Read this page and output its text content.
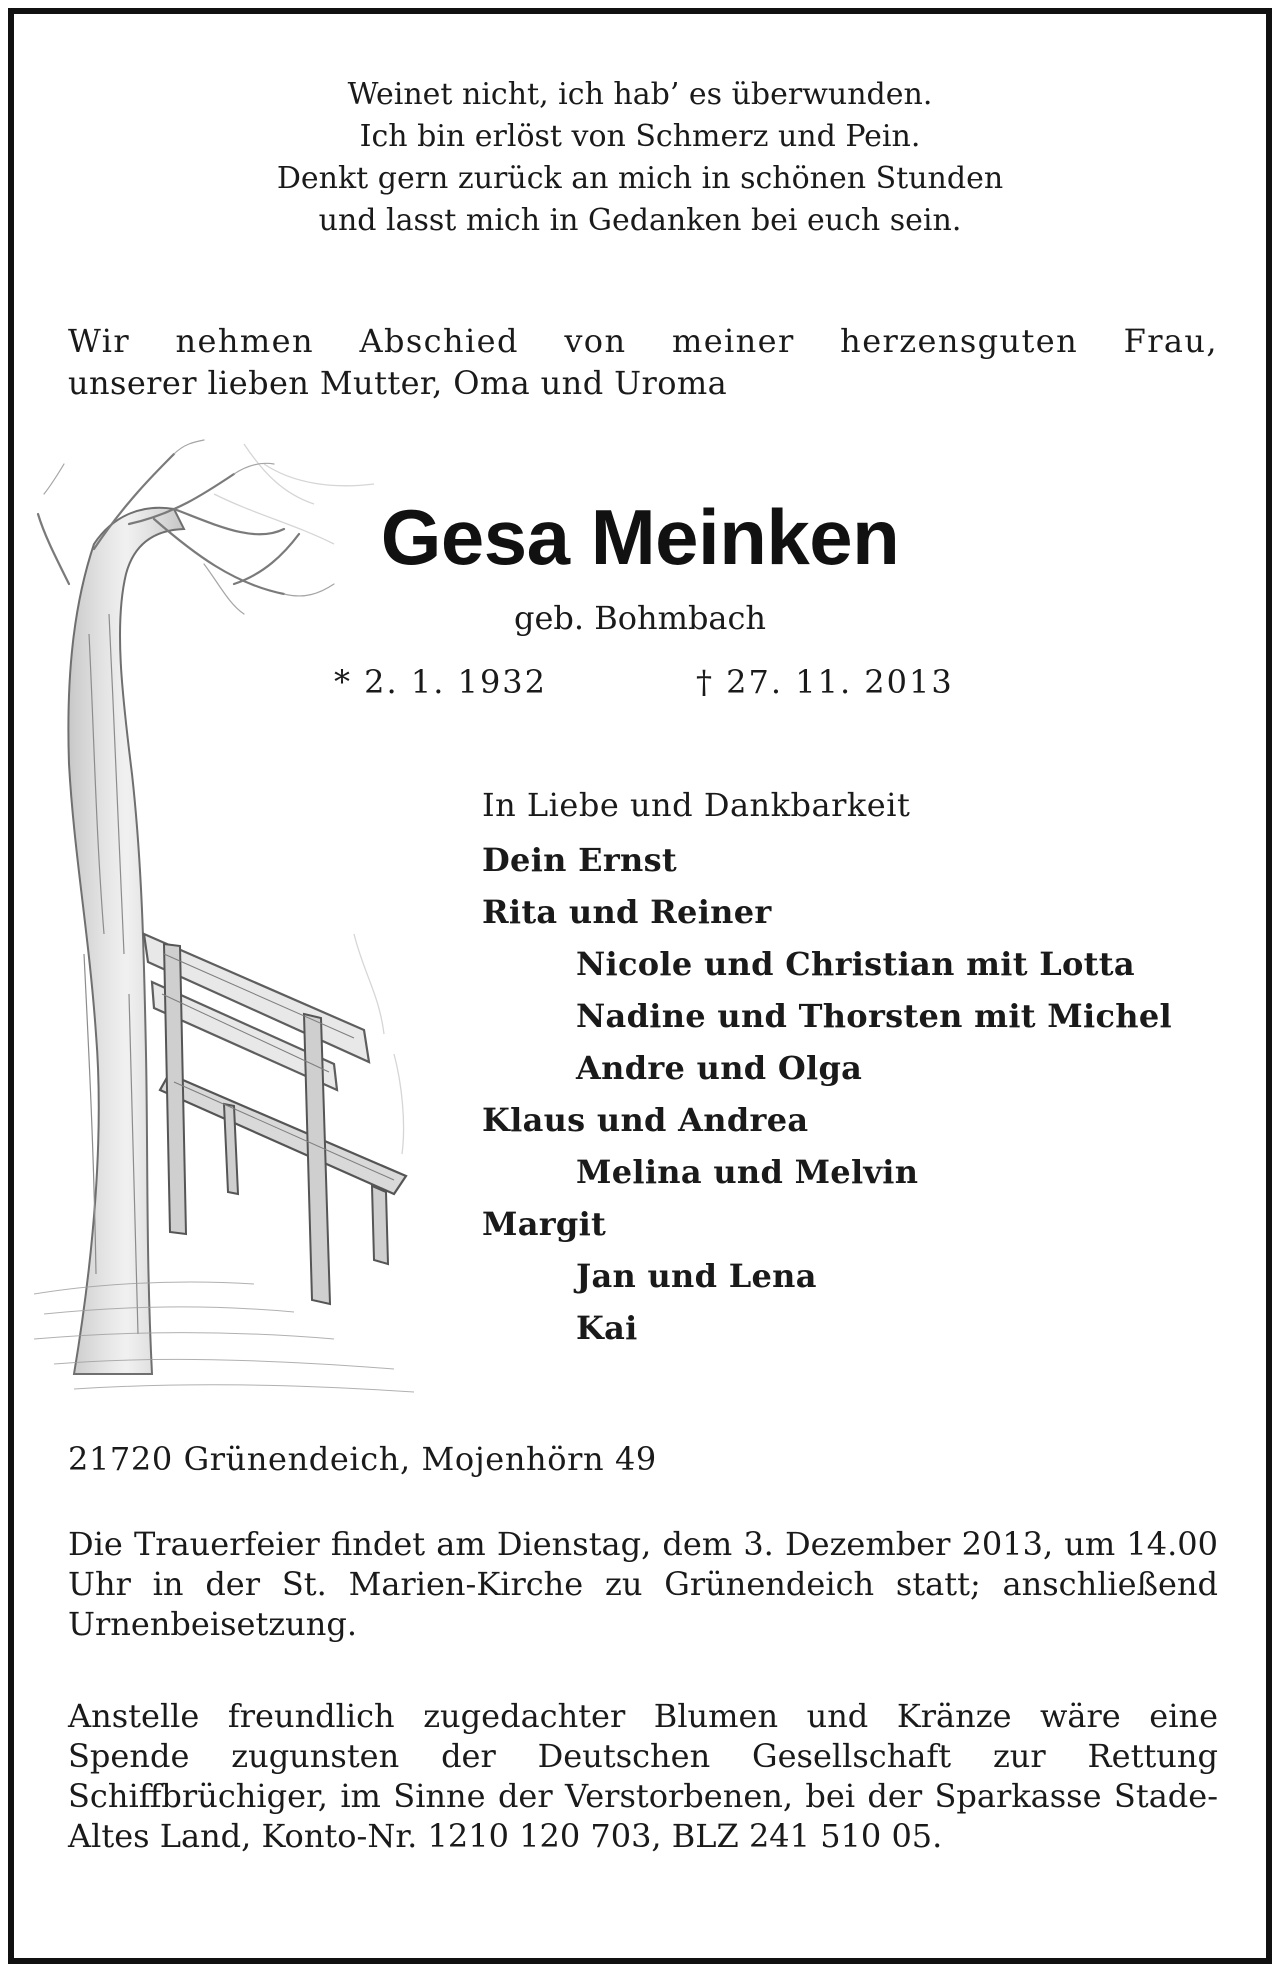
Weinet nicht, ich hab’ es überwunden.
Ich bin erlöst von Schmerz und Pein.
Denkt gern zurück an mich in schönen Stunden
und lasst mich in Gedanken bei euch sein.
Wir nehmen Abschied von meiner herzensguten Frau,
unserer lieben Mutter, Oma und Uroma
Gesa Meinken
geb. Bohmbach
* 2. 1. 1932	† 27. 11. 2013
In Liebe und Dankbarkeit
Dein Ernst
Rita und Reiner
Nicole und Christian mit Lotta
Nadine und Thorsten mit Michel
Andre und Olga
Klaus und Andrea
Melina und Melvin
Margit
Jan und Lena
Kai
21720 Grünendeich, Mojenhörn 49
Die Trauerfeier findet am Dienstag, dem 3. Dezember 2013, um 14.00 Uhr in der St. Marien-Kirche zu Grünendeich statt; anschließend Urnenbeisetzung.
Anstelle freundlich zugedachter Blumen und Kränze wäre eine Spende zugunsten der Deutschen Gesellschaft zur Rettung Schiffbrüchiger, im Sinne der Verstorbenen, bei der Sparkasse Stade-Altes Land, Konto-Nr. 1210 120 703, BLZ 241 510 05.
